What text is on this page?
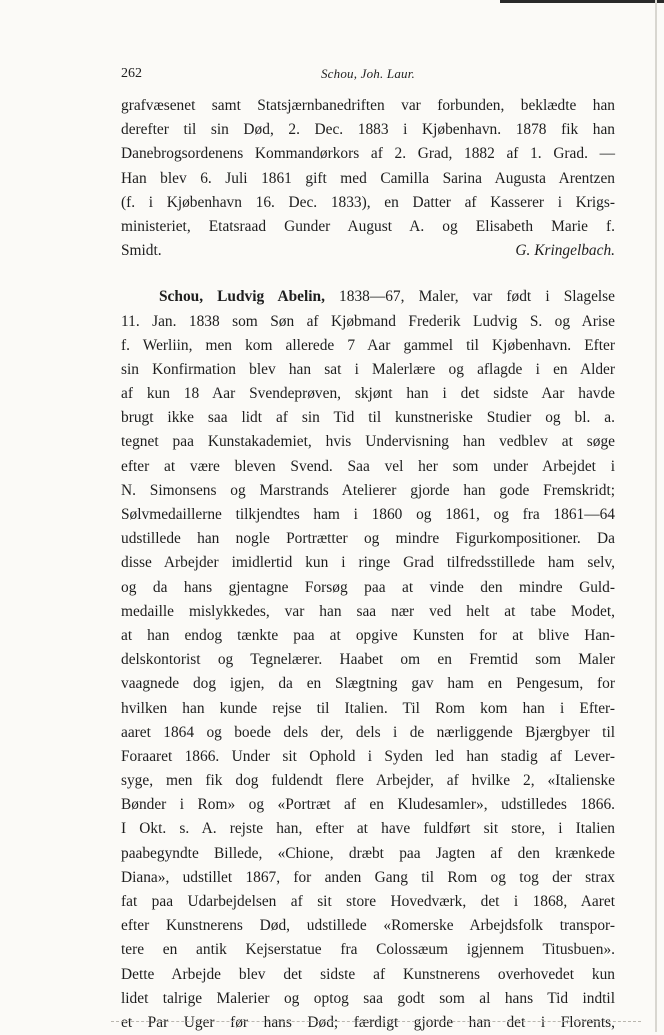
262	Schou, Joh. Laur.
grafvæsenet samt Statsjærnbanedriften var forbunden, beklædte han
derefter til sin Død, 2. Dec. 1883 i Kjøbenhavn. 1878 fik han
Danebrogsordenens Kommandørkors af 2. Grad, 1882 af 1. Grad. —
Han blev 6. Juli 1861 gift med Camilla Sarina Augusta Arentzen
(f. i Kjøbenhavn 16. Dec. 1833), en Datter af Kasserer i Krigs-
ministeriet, Etatsraad Gunder August A. og Elisabeth Marie f.
Smidt.	G. Kringelbach.
Schou, Ludvig Abelin, 1838—67, Maler, var født i Slagelse
11. Jan. 1838 som Søn af Kjøbmand Frederik Ludvig S. og Arise
f. Werliin, men kom allerede 7 Aar gammel til Kjøbenhavn. Efter
sin Konfirmation blev han sat i Malerlære og aflagde i en Alder
af kun 18 Aar Svendeprøven, skjønt han i det sidste Aar havde
brugt ikke saa lidt af sin Tid til kunstneriske Studier og bl. a.
tegnet paa Kunstakademiet, hvis Undervisning han vedblev at søge
efter at være bleven Svend. Saa vel her som under Arbejdet i
N. Simonsens og Marstrands Atelierer gjorde han gode Fremskridt;
Sølvmedaillerne tilkjendtes ham i 1860 og 1861, og fra 1861—64
udstillede han nogle Portrætter og mindre Figurkompositioner. Da
disse Arbejder imidlertid kun i ringe Grad tilfredsstillede ham selv,
og da hans gjentagne Forsøg paa at vinde den mindre Guld-
medaille mislykkedes, var han saa nær ved helt at tabe Modet,
at han endog tænkte paa at opgive Kunsten for at blive Han-
delskontorist og Tegnelærer. Haabet om en Fremtid som Maler
vaagnede dog igjen, da en Slægtning gav ham en Pengesum, for
hvilken han kunde rejse til Italien. Til Rom kom han i Efter-
aaret 1864 og boede dels der, dels i de nærliggende Bjærgbyer til
Foraaret 1866. Under sit Ophold i Syden led han stadig af Lever-
syge, men fik dog fuldendt flere Arbejder, af hvilke 2, «Italienske
Bønder i Rom» og «Portræt af en Kludesamler», udstilledes 1866.
I Okt. s. A. rejste han, efter at have fuldført sit store, i Italien
paabegyndte Billede, «Chione, dræbt paa Jagten af den krænkede
Diana», udstillet 1867, for anden Gang til Rom og tog der strax
fat paa Udarbejdelsen af sit store Hovedværk, det i 1868, Aaret
efter Kunstnerens Død, udstillede «Romerske Arbejdsfolk transpor-
tere en antik Kejserstatue fra Colossæum igjennem Titusbuen».
Dette Arbejde blev det sidste af Kunstnerens overhovedet kun
lidet talrige Malerier og optog saa godt som al hans Tid indtil
et Par Uger før hans Død; færdigt gjorde han det i Florents,
